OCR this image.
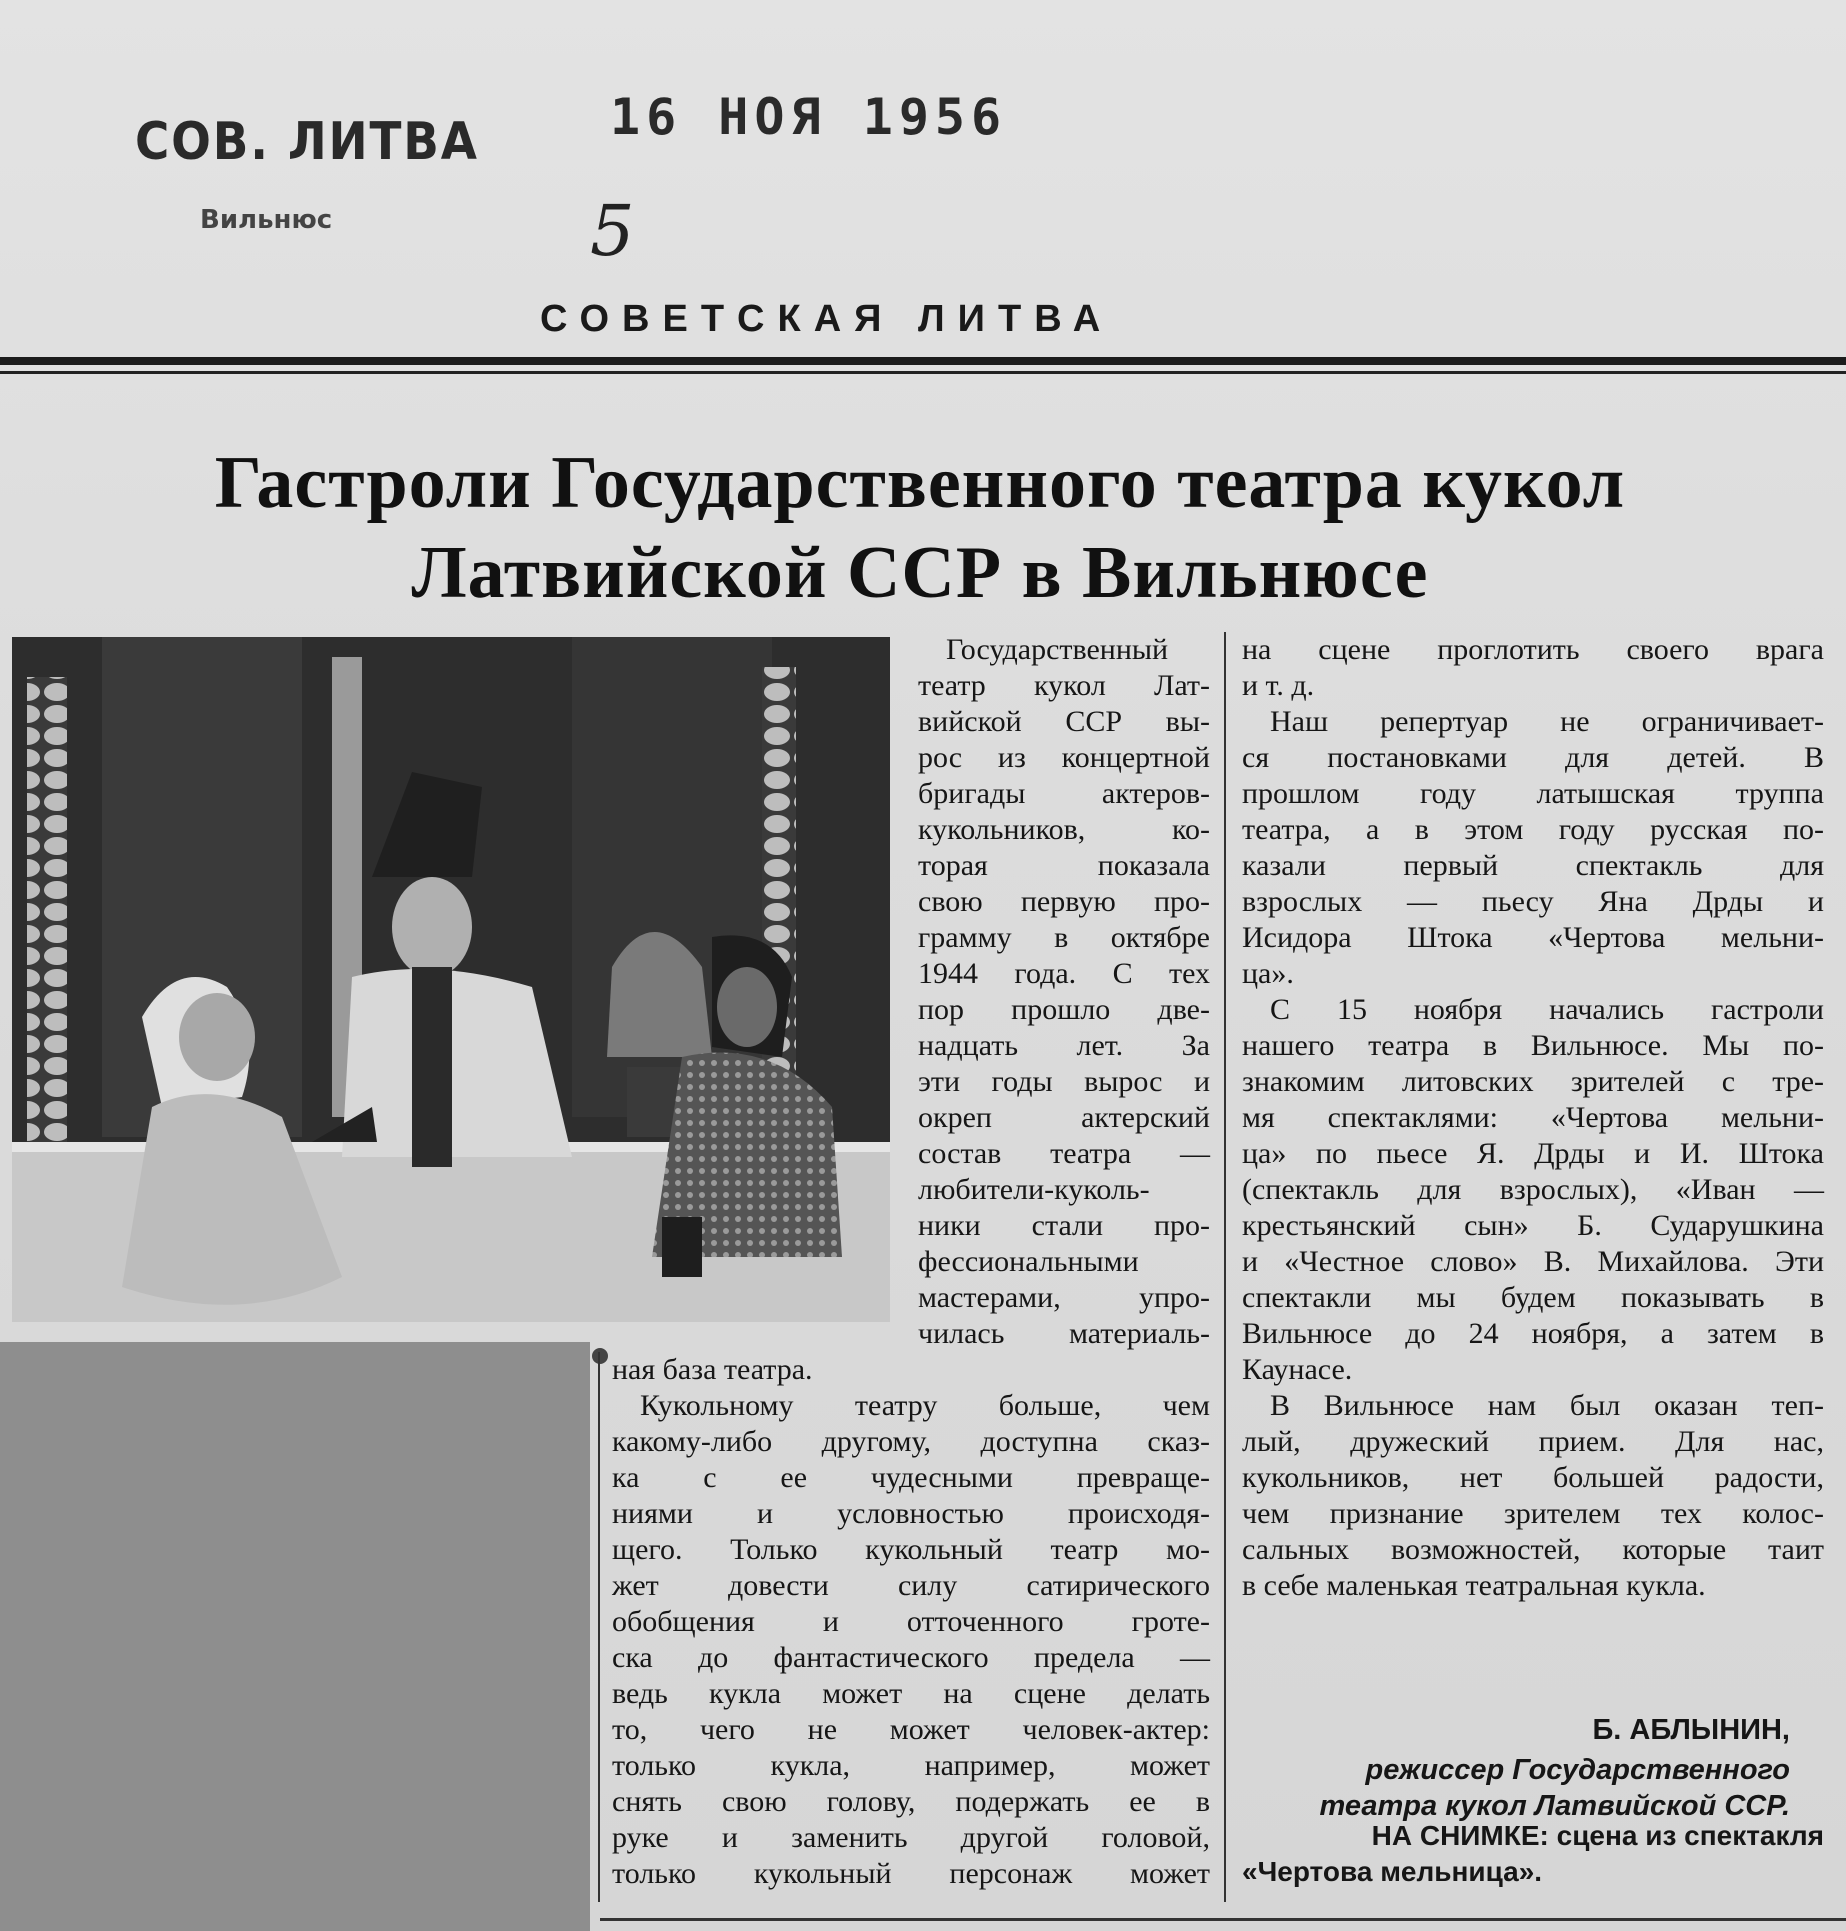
СОВ. ЛИТВА
Вильнюс
16 НОЯ 1956
5
СОВЕТСКАЯ ЛИТВА
Гастроли Государственного театра кукол
Латвийской ССР в Вильнюсе

Государственный

театр кукол Лат-

вийской ССР вы-

рос из концертной

бригады актеров-

кукольников, ко-

торая показала

свою первую про-

грамму в октябре

1944 года. С тех

пор прошло две-

надцать лет. За

эти годы вырос и

окреп актерский

состав театра —

любители-куколь-

ники стали про-

фессиональными

мастерами, упро-

чилась материаль-

ная база театра.

Кукольному театру больше, чем

какому-либо другому, доступна сказ-

ка с ее чудесными превраще-

ниями и условностью происходя-

щего. Только кукольный театр мо-

жет довести силу сатирического

обобщения и отточенного гроте-

ска до фантастического предела —

ведь кукла может на сцене делать

то, чего не может человек-актер:

только кукла, например, может

снять свою голову, подержать ее в

руке и заменить другой головой,

только кукольный персонаж может

на сцене проглотить своего врага

и т. д.

Наш репертуар не ограничивает-

ся постановками для детей. В

прошлом году латышская труппа

театра, а в этом году русская по-

казали первый спектакль для

взрослых — пьесу Яна Дрды и

Исидора Штока «Чертова мельни-

ца».

С 15 ноября начались гастроли

нашего театра в Вильнюсе. Мы по-

знакомим литовских зрителей с тре-

мя спектаклями: «Чертова мельни-

ца» по пьесе Я. Дрды и И. Штока

(спектакль для взрослых), «Иван —

крестьянский сын» Б. Сударушкина

и «Честное слово» В. Михайлова. Эти

спектакли мы будем показывать в

Вильнюсе до 24 ноября, а затем в

Каунасе.

В Вильнюсе нам был оказан теп-

лый, дружеский прием. Для нас,

кукольников, нет большей радости,

чем признание зрителем тех колос-

сальных возможностей, которые таит

в себе маленькая театральная кукла.

Б. АБЛЫНИН,
режиссер Государственного
театра кукол Латвийской ССР.
НА СНИМКЕ: сцена из спектакля
«Чертова мельница».
